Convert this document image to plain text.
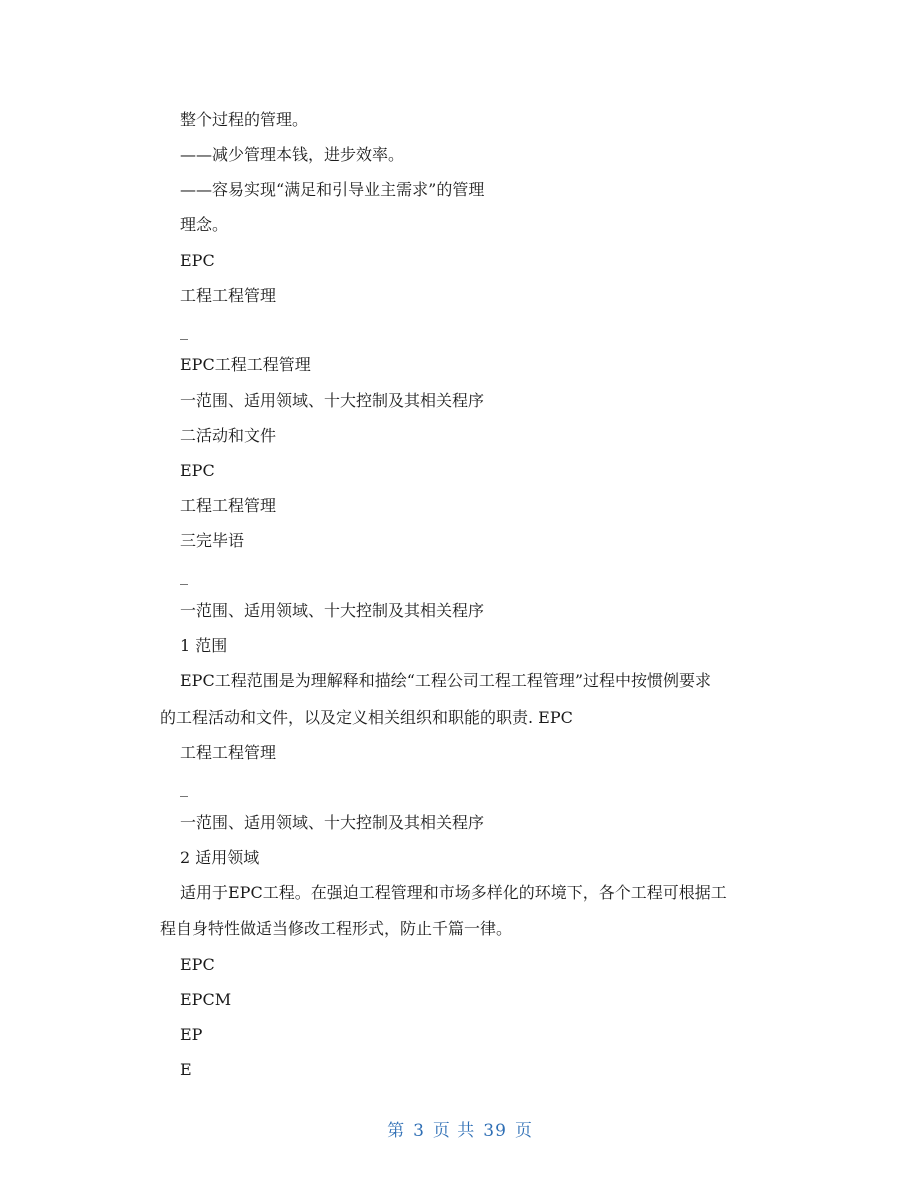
整个过程的管理。
——减少管理本钱，进步效率。
——容易实现“满足和引导业主需求”的管理
理念。
EPC
工程工程管理
_
EPC工程工程管理
一范围、适用领域、十大控制及其相关程序
二活动和文件
EPC
工程工程管理
三完毕语
_
一范围、适用领域、十大控制及其相关程序
1 范围
EPC工程范围是为理解释和描绘“工程公司工程工程管理”过程中按惯例要求
的工程活动和文件，以及定义相关组织和职能的职责. EPC
工程工程管理
_
一范围、适用领域、十大控制及其相关程序
2 适用领域
适用于EPC工程。在强迫工程管理和市场多样化的环境下，各个工程可根据工
程自身特性做适当修改工程形式，防止千篇一律。
EPC
EPCM
EP
E
第 3 页 共 39 页
